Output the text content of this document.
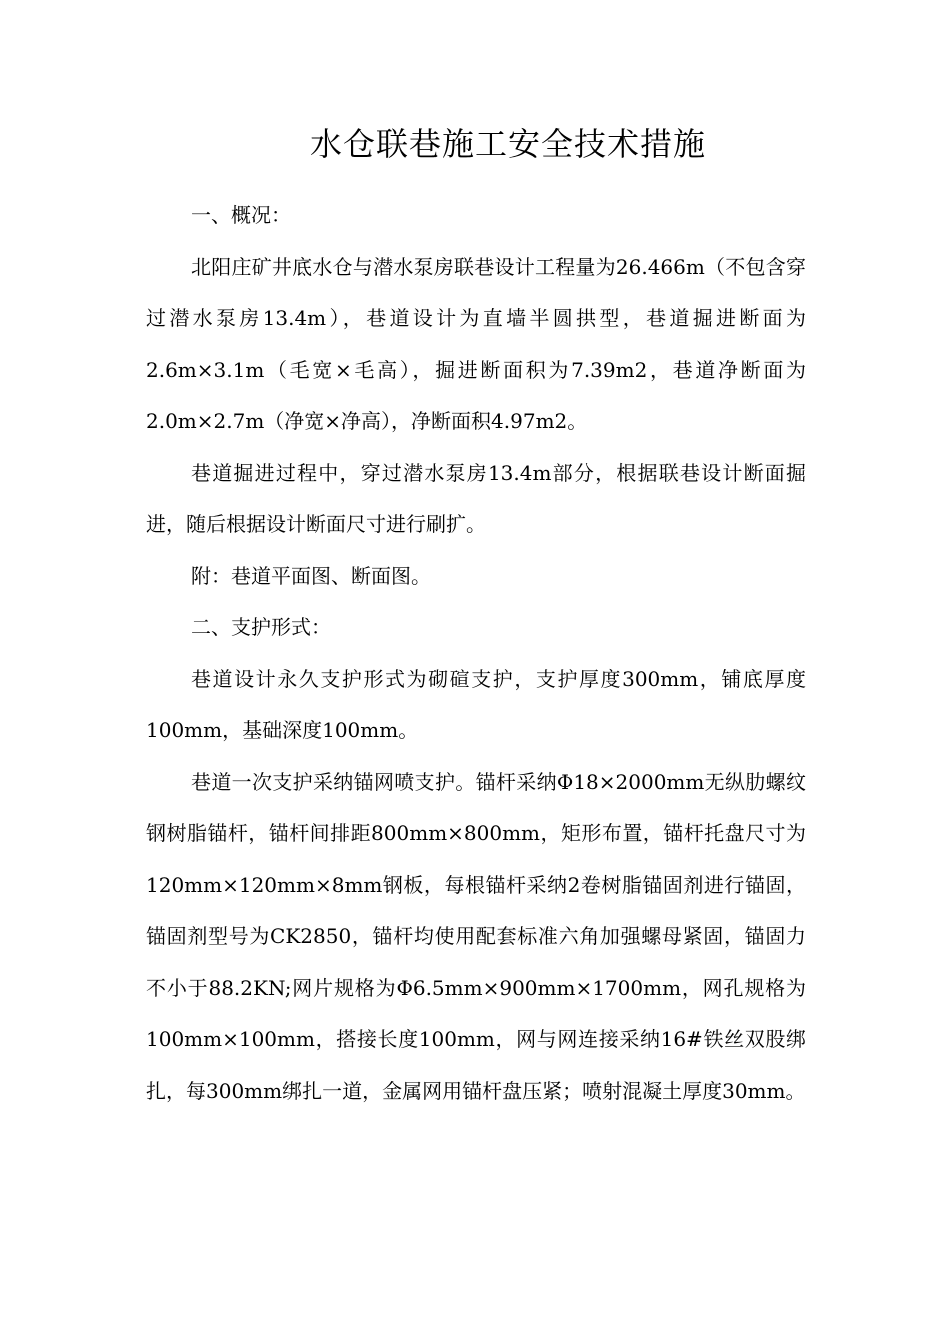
水仓联巷施工安全技术措施

一、概况：

北阳庄矿井底水仓与潜水泵房联巷设计工程量为26.466m（不包含穿过潜水泵房13.4m），巷道设计为直墙半圆拱型，巷道掘进断面为2.6m×3.1m（毛宽×毛高），掘进断面积为7.39m2，巷道净断面为2.0m×2.7m（净宽×净高），净断面积4.97m2。

巷道掘进过程中，穿过潜水泵房13.4m部分，根据联巷设计断面掘进，随后根据设计断面尺寸进行刷扩。

附：巷道平面图、断面图。

二、支护形式：

巷道设计永久支护形式为砌碹支护，支护厚度300mm，铺底厚度100mm，基础深度100mm。

巷道一次支护采纳锚网喷支护。锚杆采纳Φ18×2000mm无纵肋螺纹钢树脂锚杆，锚杆间排距800mm×800mm，矩形布置，锚杆托盘尺寸为120mm×120mm×8mm钢板，每根锚杆采纳2卷树脂锚固剂进行锚固，锚固剂型号为CK2850，锚杆均使用配套标准六角加强螺母紧固，锚固力不小于88.2KN;网片规格为Φ6.5mm×900mm×1700mm，网孔规格为100mm×100mm，搭接长度100mm，网与网连接采纳16#铁丝双股绑扎，每300mm绑扎一道，金属网用锚杆盘压紧；喷射混凝土厚度30mm。
